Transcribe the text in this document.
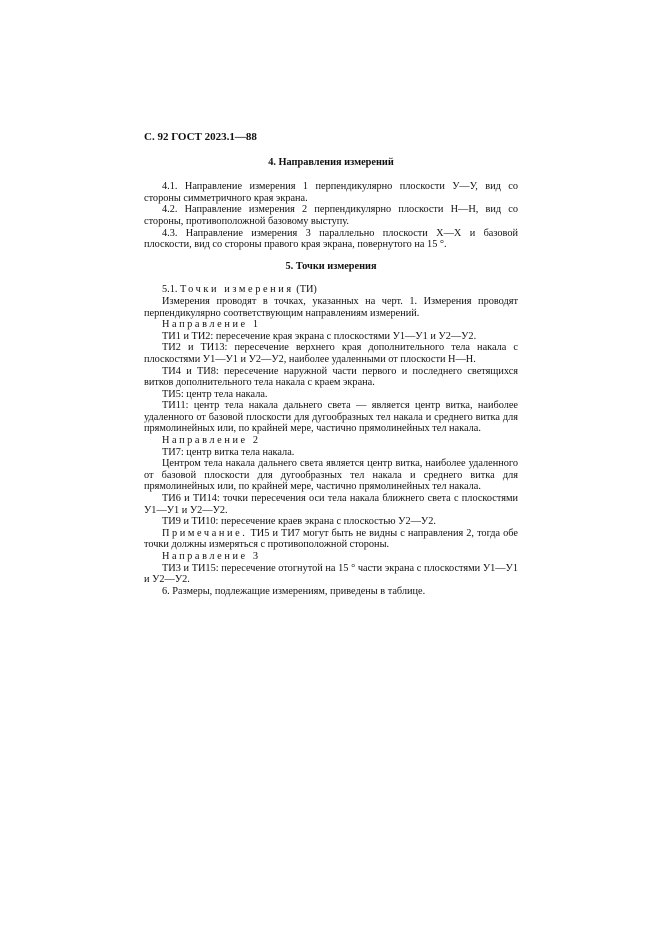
С. 92 ГОСТ 2023.1—88
4. Направления измерений

4.1. Направление измерения 1 перпендикулярно плоскости У—У, вид со стороны симметричного края экрана.

4.2. Направление измерения 2 перпендикулярно плоскости Н—Н, вид со стороны, противоположной базовому выступу.

4.3. Направление измерения 3 параллельно плоскости Х—Х и базовой плоскости, вид со стороны правого края экрана, повернутого на 15 °.

5. Точки измерения

5.1. Точки измерения (ТИ)

Измерения проводят в точках, указанных на черт. 1. Измерения проводят перпендикулярно соответствующим направлениям измерений.

Направление 1

ТИ1 и ТИ2: пересечение края экрана с плоскостями У1—У1 и У2—У2.

ТИ2 и ТИ13: пересечение верхнего края дополнительного тела накала с плоскостями У1—У1 и У2—У2, наиболее удаленными от плоскости Н—Н.

ТИ4 и ТИ8: пересечение наружной части первого и последнего светящихся витков дополнительного тела накала с краем экрана.

ТИ5: центр тела накала.

ТИ11: центр тела накала дальнего света — является центр витка, наиболее удаленного от базовой плоскости для дугообразных тел накала и среднего витка для прямолинейных или, по крайней мере, частично прямолинейных тел накала.

Направление 2

ТИ7: центр витка тела накала.

Центром тела накала дальнего света является центр витка, наиболее удаленного от базовой плоскости для дугообразных тел накала и среднего витка для прямолинейных или, по крайней мере, частично прямолинейных тел накала.

ТИ6 и ТИ14: точки пересечения оси тела накала ближнего света с плоскостями У1—У1 и У2—У2.

ТИ9 и ТИ10: пересечение краев экрана с плоскостью У2—У2.

Примечание. ТИ5 и ТИ7 могут быть не видны с направления 2, тогда обе точки должны измеряться с противоположной стороны.

Направление 3

ТИ3 и ТИ15: пересечение отогнутой на 15 ° части экрана с плоскостями У1—У1 и У2—У2.

6. Размеры, подлежащие измерениям, приведены в таблице.
